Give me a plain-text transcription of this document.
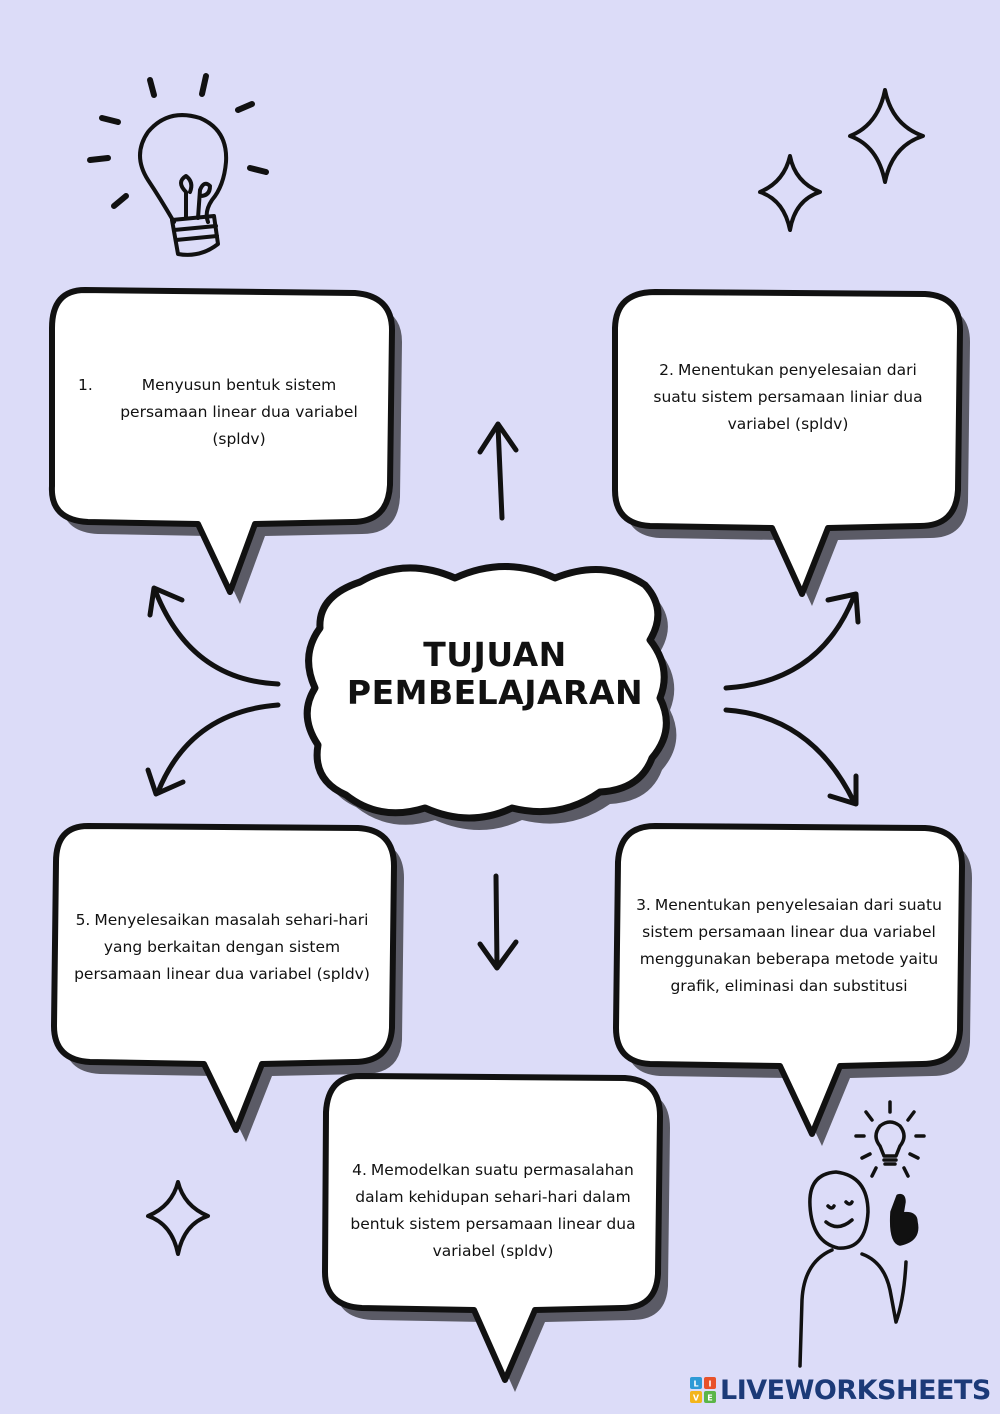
TUJUAN
PEMBELAJARAN
1.	Menyusun bentuk sistem persamaan linear dua variabel (spldv)
2. Menentukan penyelesaian dari suatu sistem persamaan liniar dua variabel (spldv)
3. Menentukan penyelesaian dari suatu sistem persamaan linear dua variabel menggunakan beberapa metode yaitu grafik, eliminasi dan substitusi
4. Memodelkan suatu permasalahan dalam kehidupan sehari-hari dalam bentuk sistem persamaan linear dua variabel (spldv)
5. Menyelesaikan masalah sehari-hari yang berkaitan dengan sistem persamaan linear dua variabel (spldv)
L I
V E LIVEWORKSHEETS
